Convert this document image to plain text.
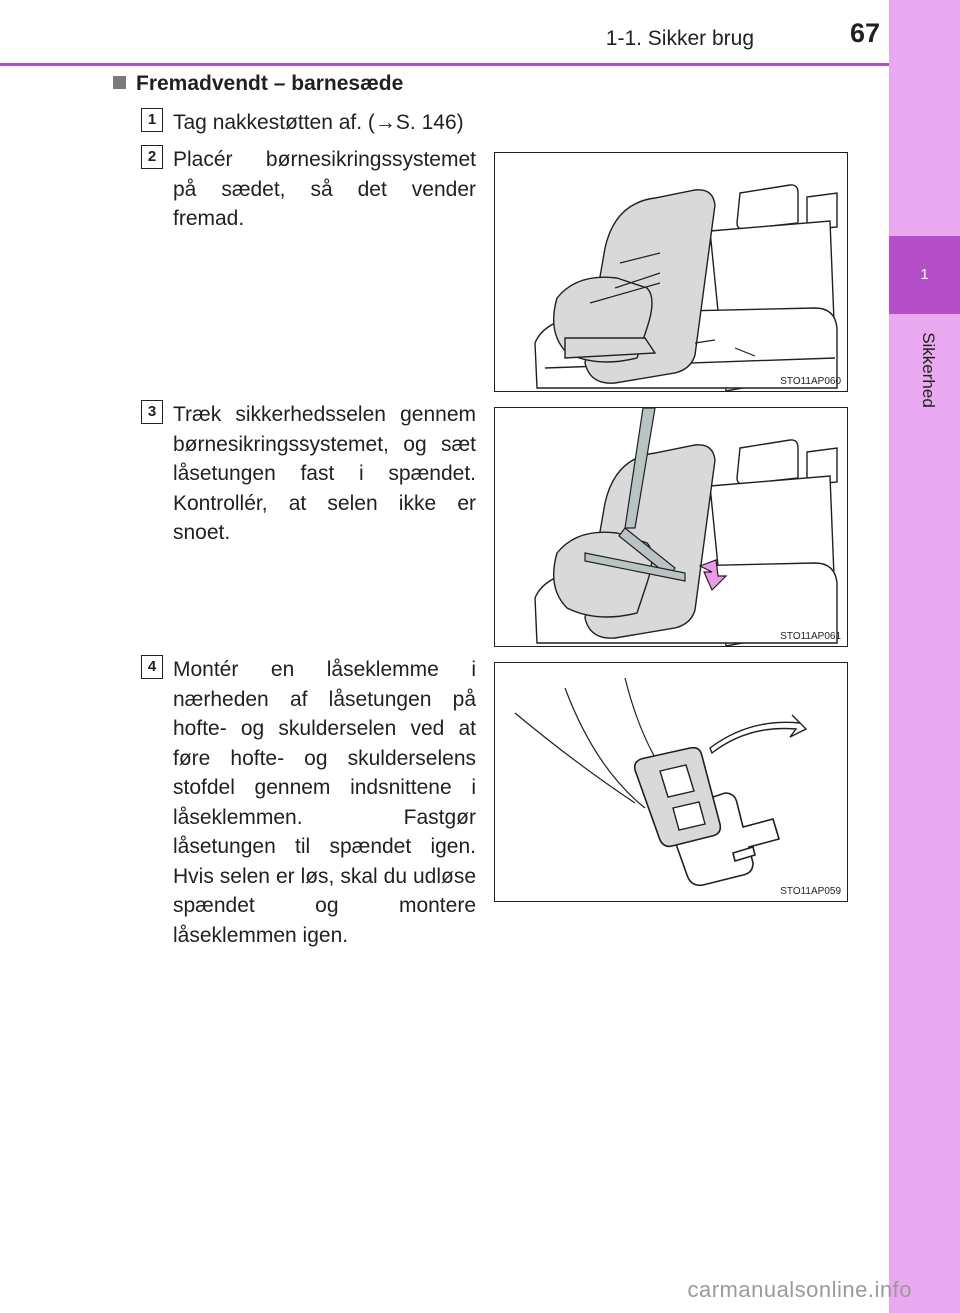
1
Sikkerhed
1-1. Sikker brug	67
Fremadvendt – barnesæde
1 Tag nakkestøtten af. (→S. 146)
2 Placér børnesikringssystemet på sædet, så det vender fremad.
3 Træk sikkerhedsselen gennem børnesikringssystemet, og sæt låsetungen fast i spændet. Kontrollér, at selen ikke er snoet.
4 Montér en låseklemme i nærheden af låsetungen på hofte- og skulderselen ved at føre hofte- og skulderselens stofdel gennem indsnittene i låseklemmen. Fastgør låsetungen til spændet igen. Hvis selen er løs, skal du udløse spændet og montere låseklemmen igen.
STO11AP060
STO11AP061
STO11AP059
carmanualsonline.info
